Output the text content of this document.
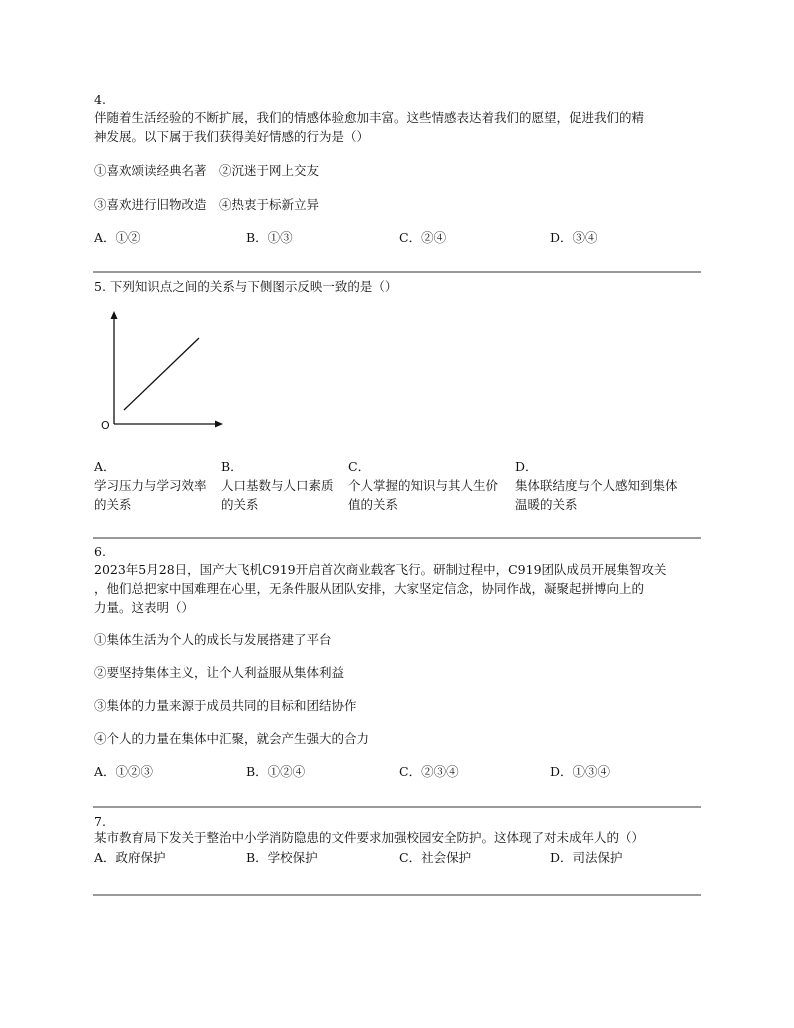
4.
伴随着生活经验的不断扩展，我们的情感体验愈加丰富。这些情感表达着我们的愿望，促进我们的精
神发展。以下属于我们获得美好情感的行为是（）
①喜欢颂读经典名著　②沉迷于网上交友
③喜欢进行旧物改造　④热衷于标新立异
A．①②	B．①③	C．②④	D．③④
5. 下列知识点之间的关系与下侧图示反映一致的是（）
O
A．
学习压力与学习效率
的关系
B．
人口基数与人口素质
的关系
C．
个人掌握的知识与其人生价
值的关系
D．
集体联结度与个人感知到集体
温暖的关系
6.
2023年5月28日，国产大飞机C919开启首次商业载客飞行。研制过程中，C919团队成员开展集智攻关
，他们总把家中国难理在心里，无条件服从团队安排，大家坚定信念，协同作战，凝聚起拼博向上的
力量。这表明（）
①集体生活为个人的成长与发展搭建了平台
②要坚持集体主义，让个人利益服从集体利益
③集体的力量来源于成员共同的目标和团结协作
④个人的力量在集体中汇聚，就会产生强大的合力
A．①②③	B．①②④	C．②③④	D．①③④
7.
某市教育局下发关于整治中小学消防隐患的文件要求加强校园安全防护。这体现了对未成年人的（）
A．政府保护	B．学校保护	C．社会保护	D．司法保护
